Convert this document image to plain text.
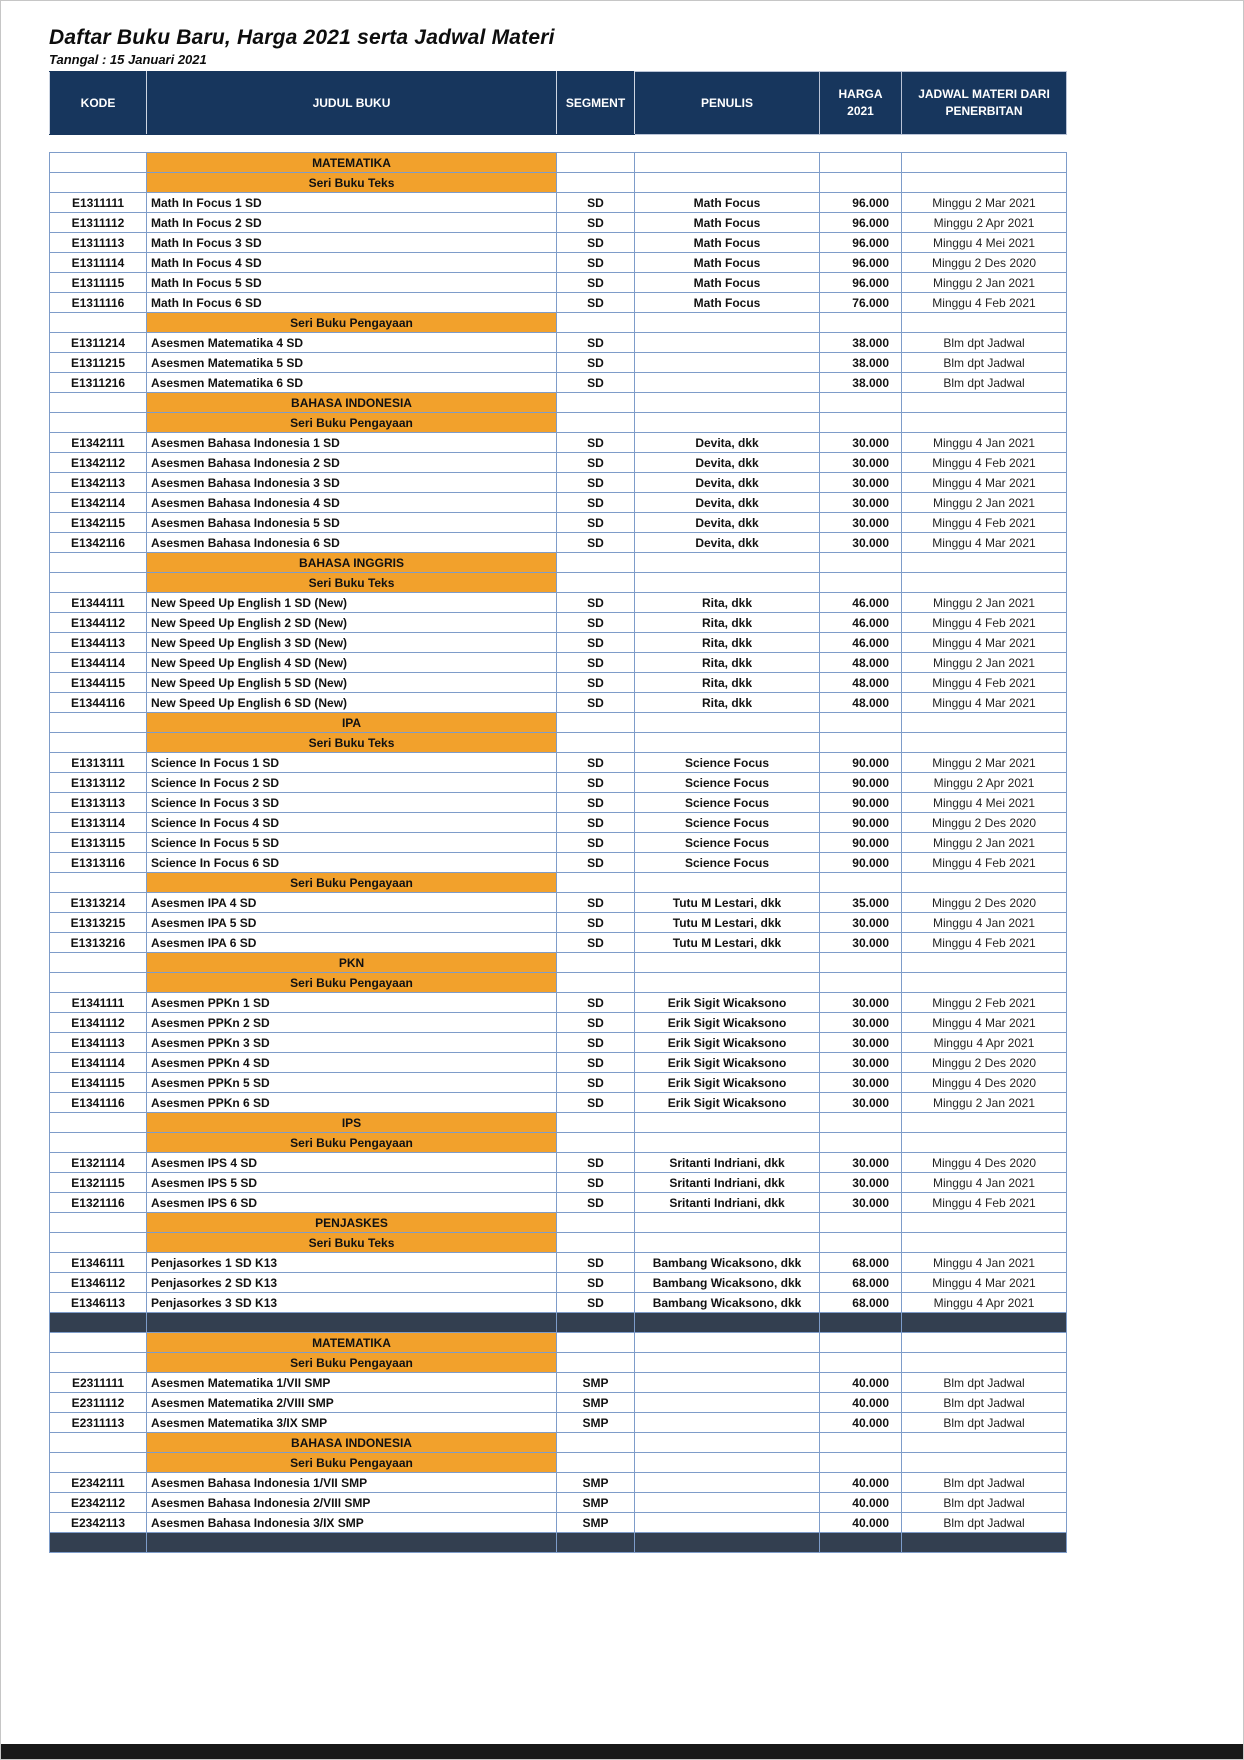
Daftar Buku Baru, Harga 2021 serta Jadwal Materi
Tanngal : 15 Januari 2021
KODE	JUDUL BUKU	SEGMENT	PENULIS	HARGA 2021	JADWAL MATERI DARI PENERBITAN
	MATEMATIKA				
	Seri Buku Teks				
E1311111	Math In Focus 1 SD	SD	Math Focus	96.000	Minggu 2 Mar 2021
E1311112	Math In Focus 2 SD	SD	Math Focus	96.000	Minggu 2 Apr 2021
E1311113	Math In Focus 3 SD	SD	Math Focus	96.000	Minggu 4 Mei 2021
E1311114	Math In Focus 4 SD	SD	Math Focus	96.000	Minggu 2 Des 2020
E1311115	Math In Focus 5 SD	SD	Math Focus	96.000	Minggu 2 Jan 2021
E1311116	Math In Focus 6 SD	SD	Math Focus	76.000	Minggu 4 Feb 2021
	Seri Buku Pengayaan				
E1311214	Asesmen Matematika 4 SD	SD		38.000	Blm dpt Jadwal
E1311215	Asesmen Matematika 5 SD	SD		38.000	Blm dpt Jadwal
E1311216	Asesmen Matematika 6 SD	SD		38.000	Blm dpt Jadwal
	BAHASA INDONESIA				
	Seri Buku Pengayaan				
E1342111	Asesmen Bahasa Indonesia 1 SD	SD	Devita, dkk	30.000	Minggu 4 Jan 2021
E1342112	Asesmen Bahasa Indonesia 2 SD	SD	Devita, dkk	30.000	Minggu 4 Feb 2021
E1342113	Asesmen Bahasa Indonesia 3 SD	SD	Devita, dkk	30.000	Minggu 4 Mar 2021
E1342114	Asesmen Bahasa Indonesia 4 SD	SD	Devita, dkk	30.000	Minggu 2 Jan 2021
E1342115	Asesmen Bahasa Indonesia 5 SD	SD	Devita, dkk	30.000	Minggu 4 Feb 2021
E1342116	Asesmen Bahasa Indonesia 6 SD	SD	Devita, dkk	30.000	Minggu 4 Mar 2021
	BAHASA INGGRIS				
	Seri Buku Teks				
E1344111	New Speed Up English 1 SD (New)	SD	Rita, dkk	46.000	Minggu 2 Jan 2021
E1344112	New Speed Up English 2 SD (New)	SD	Rita, dkk	46.000	Minggu 4 Feb 2021
E1344113	New Speed Up English 3 SD (New)	SD	Rita, dkk	46.000	Minggu 4 Mar 2021
E1344114	New Speed Up English 4 SD (New)	SD	Rita, dkk	48.000	Minggu 2 Jan 2021
E1344115	New Speed Up English 5 SD (New)	SD	Rita, dkk	48.000	Minggu 4 Feb 2021
E1344116	New Speed Up English 6 SD (New)	SD	Rita, dkk	48.000	Minggu 4 Mar 2021
	IPA				
	Seri Buku Teks				
E1313111	Science In Focus 1 SD	SD	Science Focus	90.000	Minggu 2 Mar 2021
E1313112	Science In Focus 2 SD	SD	Science Focus	90.000	Minggu 2 Apr 2021
E1313113	Science In Focus 3 SD	SD	Science Focus	90.000	Minggu 4 Mei 2021
E1313114	Science In Focus 4 SD	SD	Science Focus	90.000	Minggu 2 Des 2020
E1313115	Science In Focus 5 SD	SD	Science Focus	90.000	Minggu 2 Jan 2021
E1313116	Science In Focus 6 SD	SD	Science Focus	90.000	Minggu 4 Feb 2021
	Seri Buku Pengayaan				
E1313214	Asesmen IPA 4 SD	SD	Tutu M Lestari, dkk	35.000	Minggu 2 Des 2020
E1313215	Asesmen IPA 5 SD	SD	Tutu M Lestari, dkk	30.000	Minggu 4 Jan 2021
E1313216	Asesmen IPA 6 SD	SD	Tutu M Lestari, dkk	30.000	Minggu 4 Feb 2021
	PKN				
	Seri Buku Pengayaan				
E1341111	Asesmen PPKn 1 SD	SD	Erik Sigit Wicaksono	30.000	Minggu 2 Feb 2021
E1341112	Asesmen PPKn 2 SD	SD	Erik Sigit Wicaksono	30.000	Minggu 4 Mar 2021
E1341113	Asesmen PPKn 3 SD	SD	Erik Sigit Wicaksono	30.000	Minggu 4 Apr 2021
E1341114	Asesmen PPKn 4 SD	SD	Erik Sigit Wicaksono	30.000	Minggu 2 Des 2020
E1341115	Asesmen PPKn 5 SD	SD	Erik Sigit Wicaksono	30.000	Minggu 4 Des 2020
E1341116	Asesmen PPKn 6 SD	SD	Erik Sigit Wicaksono	30.000	Minggu 2 Jan 2021
	IPS				
	Seri Buku Pengayaan				
E1321114	Asesmen IPS 4 SD	SD	Sritanti Indriani, dkk	30.000	Minggu 4 Des 2020
E1321115	Asesmen IPS 5 SD	SD	Sritanti Indriani, dkk	30.000	Minggu 4 Jan 2021
E1321116	Asesmen IPS 6 SD	SD	Sritanti Indriani, dkk	30.000	Minggu 4 Feb 2021
	PENJASKES				
	Seri Buku Teks				
E1346111	Penjasorkes 1 SD K13	SD	Bambang Wicaksono, dkk	68.000	Minggu 4 Jan 2021
E1346112	Penjasorkes 2 SD K13	SD	Bambang Wicaksono, dkk	68.000	Minggu 4 Mar 2021
E1346113	Penjasorkes 3 SD K13	SD	Bambang Wicaksono, dkk	68.000	Minggu 4 Apr 2021

	MATEMATIKA				
	Seri Buku Pengayaan				
E2311111	Asesmen Matematika 1/VII SMP	SMP		40.000	Blm dpt Jadwal
E2311112	Asesmen Matematika 2/VIII SMP	SMP		40.000	Blm dpt Jadwal
E2311113	Asesmen Matematika 3/IX SMP	SMP		40.000	Blm dpt Jadwal
	BAHASA INDONESIA				
	Seri Buku Pengayaan				
E2342111	Asesmen Bahasa Indonesia 1/VII SMP	SMP		40.000	Blm dpt Jadwal
E2342112	Asesmen Bahasa Indonesia 2/VIII SMP	SMP		40.000	Blm dpt Jadwal
E2342113	Asesmen Bahasa Indonesia 3/IX SMP	SMP		40.000	Blm dpt Jadwal
